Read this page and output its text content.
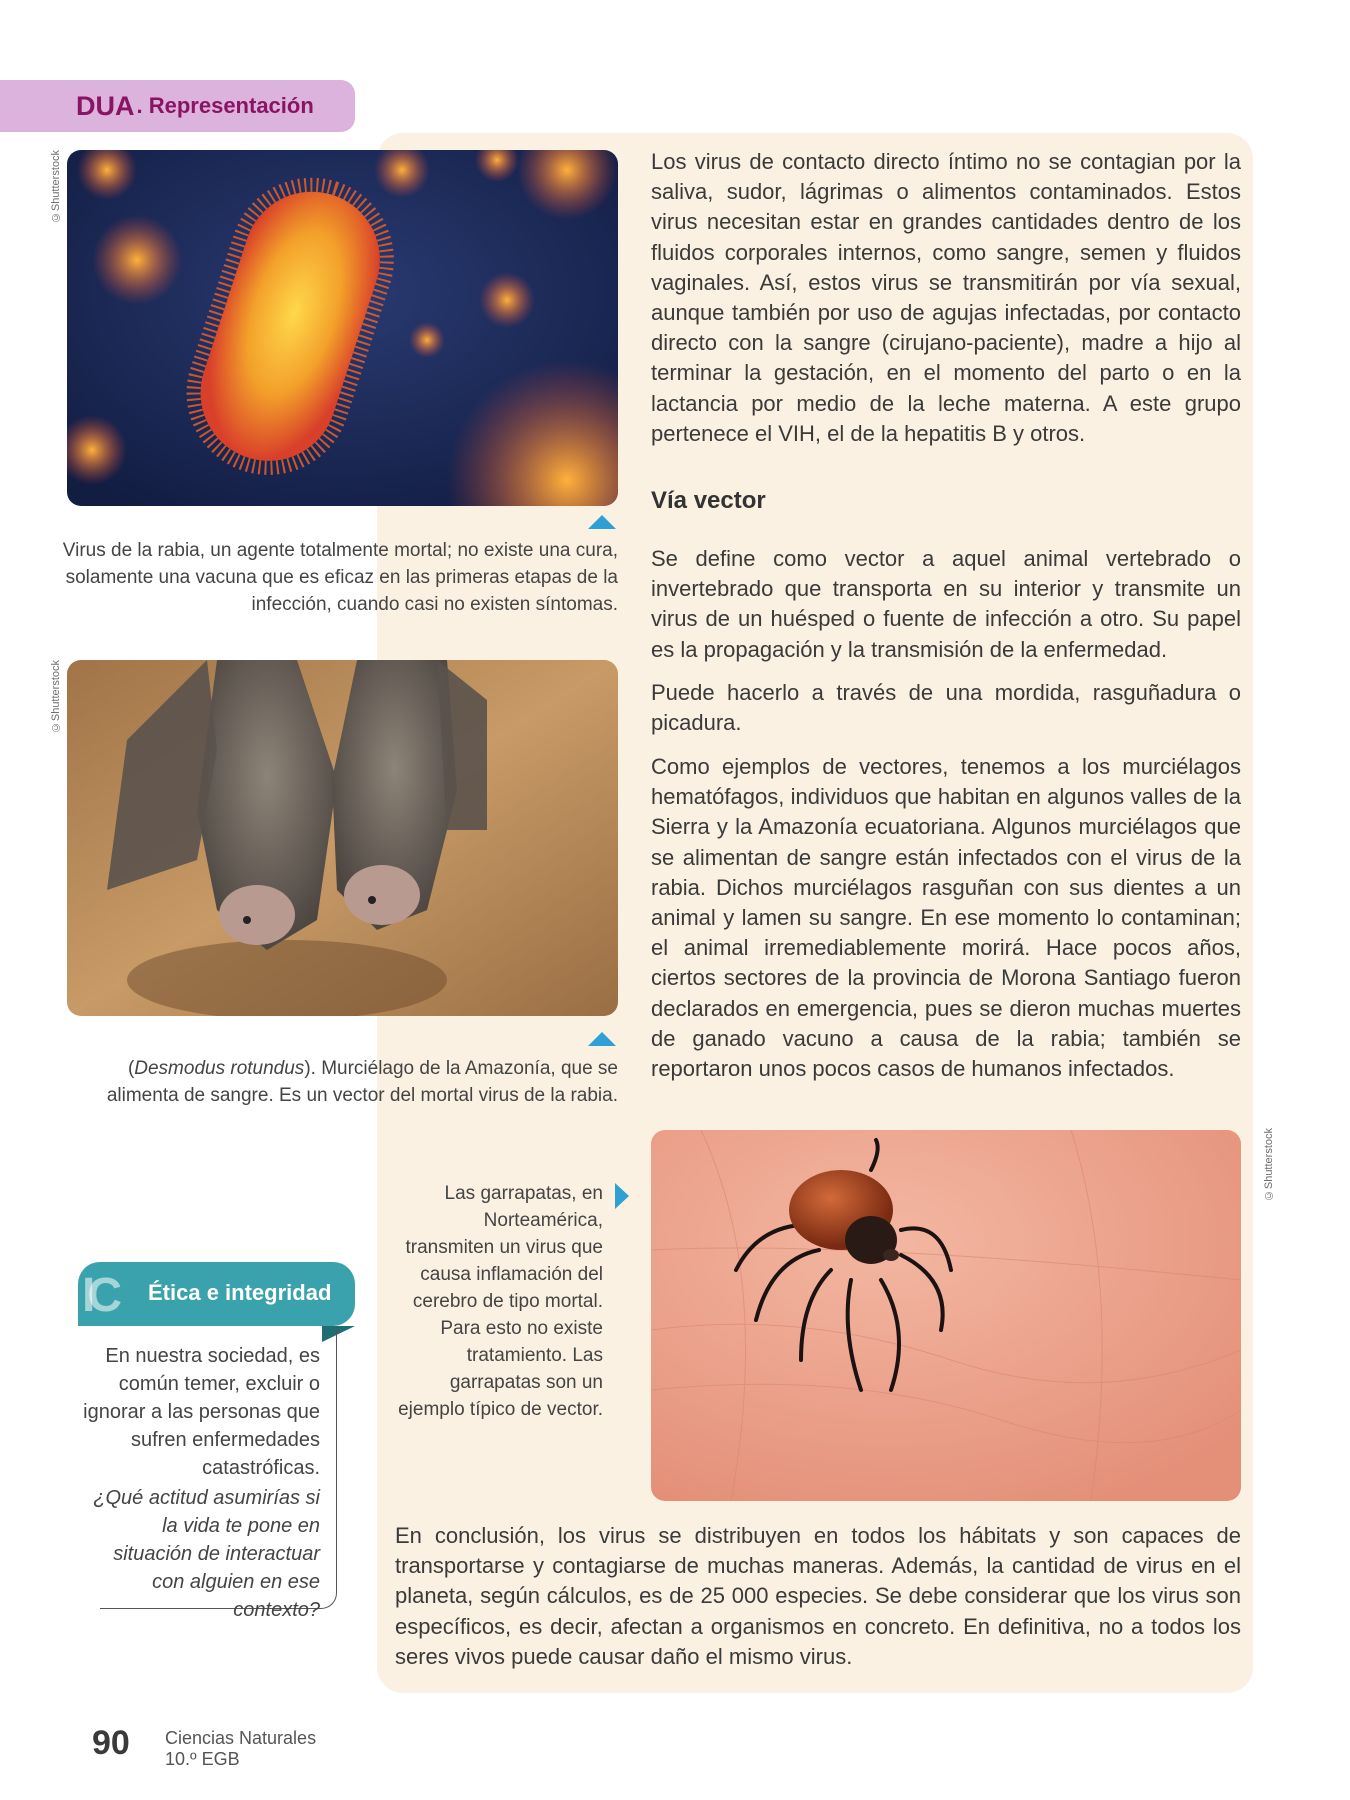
DUA . Representación
©Shutterstock
©Shutterstock
©Shutterstock
Virus de la rabia, un agente totalmente mortal; no existe una cura, solamente una vacuna que es eficaz en las primeras etapas de la infección, cuando casi no existen síntomas.
(Desmodus rotundus). Murciélago de la Amazonía, que se alimenta de sangre. Es un vector del mortal virus de la rabia.

Los virus de contacto directo íntimo no se contagian por la saliva, sudor, lágrimas o alimentos contaminados. Estos virus necesitan estar en grandes cantidades dentro de los fluidos corporales internos, como sangre, semen y fluidos vaginales. Así, estos virus se transmitirán por vía sexual, aunque también por uso de agujas infectadas, por contacto directo con la sangre (cirujano-paciente), madre a hijo al terminar la gestación, en el momento del parto o en la lactancia por medio de la leche materna. A este grupo pertenece el VIH, el de la hepatitis B y otros.

Vía vector

Se define como vector a aquel animal vertebrado o invertebrado que transporta en su interior y transmite un virus de un huésped o fuente de infección a otro. Su papel es la propagación y la transmisión de la enfermedad.

Puede hacerlo a través de una mordida, rasguñadura o picadura.

Como ejemplos de vectores, tenemos a los murciélagos hematófagos, individuos que habitan en algunos valles de la Sierra y la Amazonía ecuatoriana. Algunos murciélagos que se alimentan de sangre están infectados con el virus de la rabia. Dichos murciélagos rasguñan con sus dientes a un animal y lamen su sangre. En ese momento lo contaminan; el animal irremediablemente morirá. Hace pocos años, ciertos sectores de la provincia de Morona Santiago fueron declarados en emergencia, pues se dieron muchas muertes de ganado vacuno a causa de la rabia; también se reportaron unos pocos casos de humanos infectados.

Las garrapatas, en Norteamérica, transmiten un virus que causa inflamación del cerebro de tipo mortal. Para esto no existe tratamiento. Las garrapatas son un ejemplo típico de vector.

En conclusión, los virus se distribuyen en todos los hábitats y son capaces de transportarse y contagiarse de muchas maneras. Además, la cantidad de virus en el planeta, según cálculos, es de 25 000 especies. Se debe considerar que los virus son específicos, es decir, afectan a organismos en concreto. En definitiva, no a todos los seres vivos puede causar daño el mismo virus.

IC Ética e integridad
En nuestra sociedad, es común temer, excluir o ignorar a las personas que sufren enfermedades catastróficas.
¿Qué actitud asumirías si la vida te pone en situación de interactuar con alguien en ese contexto?
90 Ciencias Naturales
10.º EGB
